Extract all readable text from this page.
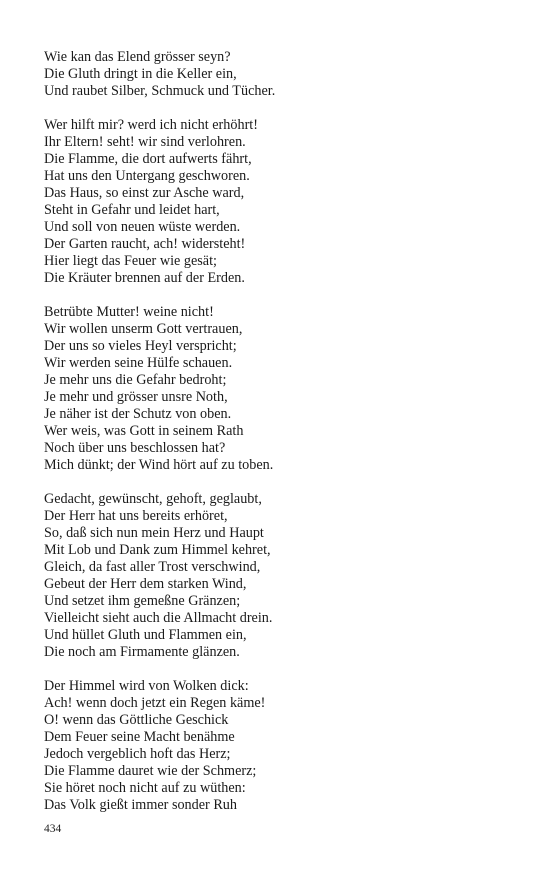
Wie kan das Elend grösser seyn?
Die Gluth dringt in die Keller ein,
Und raubet Silber, Schmuck und Tücher.
Wer hilft mir? werd ich nicht erhöhrt!
Ihr Eltern! seht! wir sind verlohren.
Die Flamme, die dort aufwerts fährt,
Hat uns den Untergang geschworen.
Das Haus, so einst zur Asche ward,
Steht in Gefahr und leidet hart,
Und soll von neuen wüste werden.
Der Garten raucht, ach! widersteht!
Hier liegt das Feuer wie gesät;
Die Kräuter brennen auf der Erden.
Betrübte Mutter! weine nicht!
Wir wollen unserm Gott vertrauen,
Der uns so vieles Heyl verspricht;
Wir werden seine Hülfe schauen.
Je mehr uns die Gefahr bedroht;
Je mehr und grösser unsre Noth,
Je näher ist der Schutz von oben.
Wer weis, was Gott in seinem Rath
Noch über uns beschlossen hat?
Mich dünkt; der Wind hört auf zu toben.
Gedacht, gewünscht, gehoft, geglaubt,
Der Herr hat uns bereits erhöret,
So, daß sich nun mein Herz und Haupt
Mit Lob und Dank zum Himmel kehret,
Gleich, da fast aller Trost verschwind,
Gebeut der Herr dem starken Wind,
Und setzet ihm gemeßne Gränzen;
Vielleicht sieht auch die Allmacht drein.
Und hüllet Gluth und Flammen ein,
Die noch am Firmamente glänzen.
Der Himmel wird von Wolken dick:
Ach! wenn doch jetzt ein Regen käme!
O! wenn das Göttliche Geschick
Dem Feuer seine Macht benähme
Jedoch vergeblich hoft das Herz;
Die Flamme dauret wie der Schmerz;
Sie höret noch nicht auf zu wüthen:
Das Volk gießt immer sonder Ruh
434
